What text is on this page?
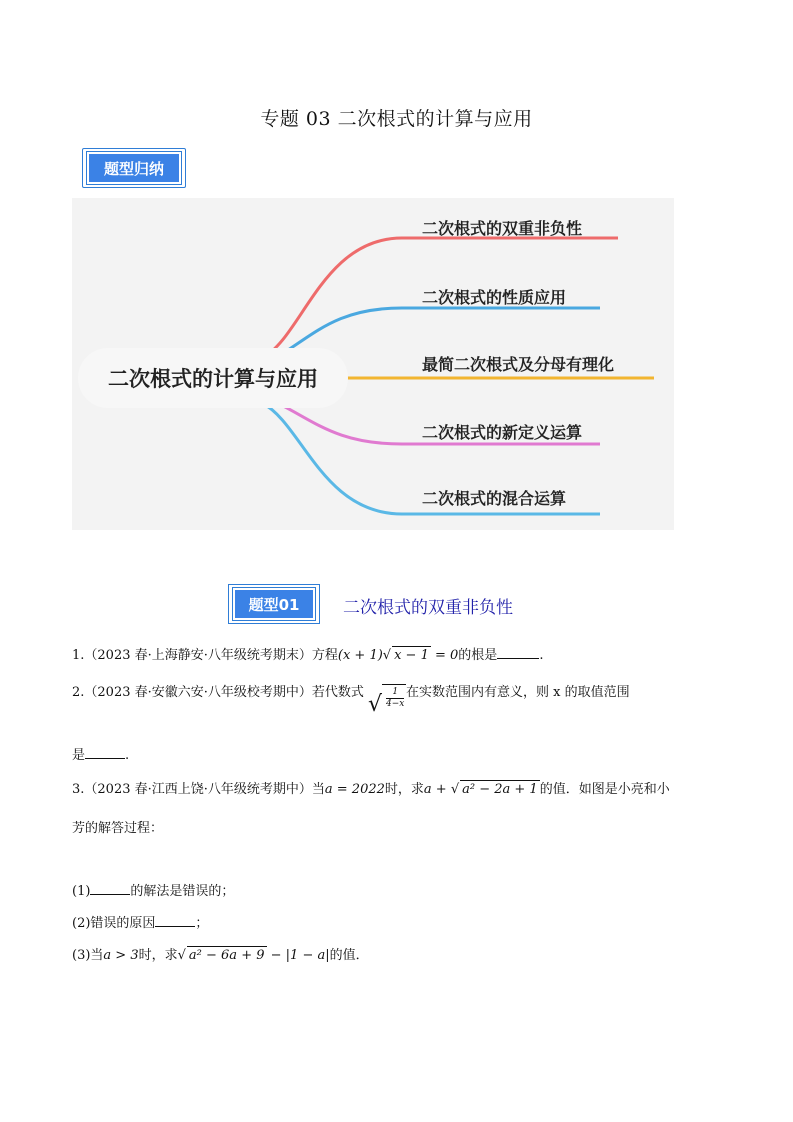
专题 03 二次根式的计算与应用
题型归纳
二次根式的计算与应用
二次根式的双重非负性
二次根式的性质应用
最简二次根式及分母有理化
二次根式的新定义运算
二次根式的混合运算
题型01	二次根式的双重非负性
1.（2023 春·上海静安·八年级统考期末）方程(x + 1)√ x − 1 = 0的根是	.
2.（2023 春·安徽六安·八年级校考期中）若代数式 √ $\frac{1}{4-x}$ 在实数范围内有意义，则 x 的取值范围
是	.
3.（2023 春·江西上饶·八年级统考期中）当a = 2022时，求a + √ a² − 2a + 1 的值．如图是小亮和小
芳的解答过程：
(1)	的解法是错误的；
(2)错误的原因	；
(3)当a > 3时，求√ a² − 6a + 9 − |1 − a|的值．
